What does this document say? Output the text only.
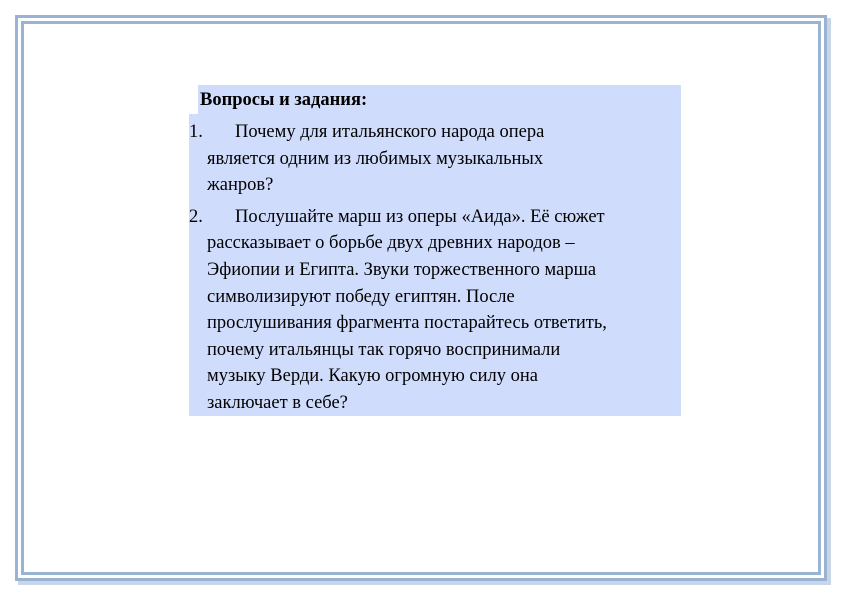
Вопросы и задания:
1.	Почему для итальянского народа опера
является одним из любимых музыкальных
жанров?
2.	Послушайте марш из оперы «Аида». Её сюжет
рассказывает о борьбе двух древних народов –
Эфиопии и Египта. Звуки торжественного марша
символизируют победу египтян. После
прослушивания фрагмента постарайтесь ответить,
почему итальянцы так горячо воспринимали
музыку Верди. Какую огромную силу она
заключает в себе?
